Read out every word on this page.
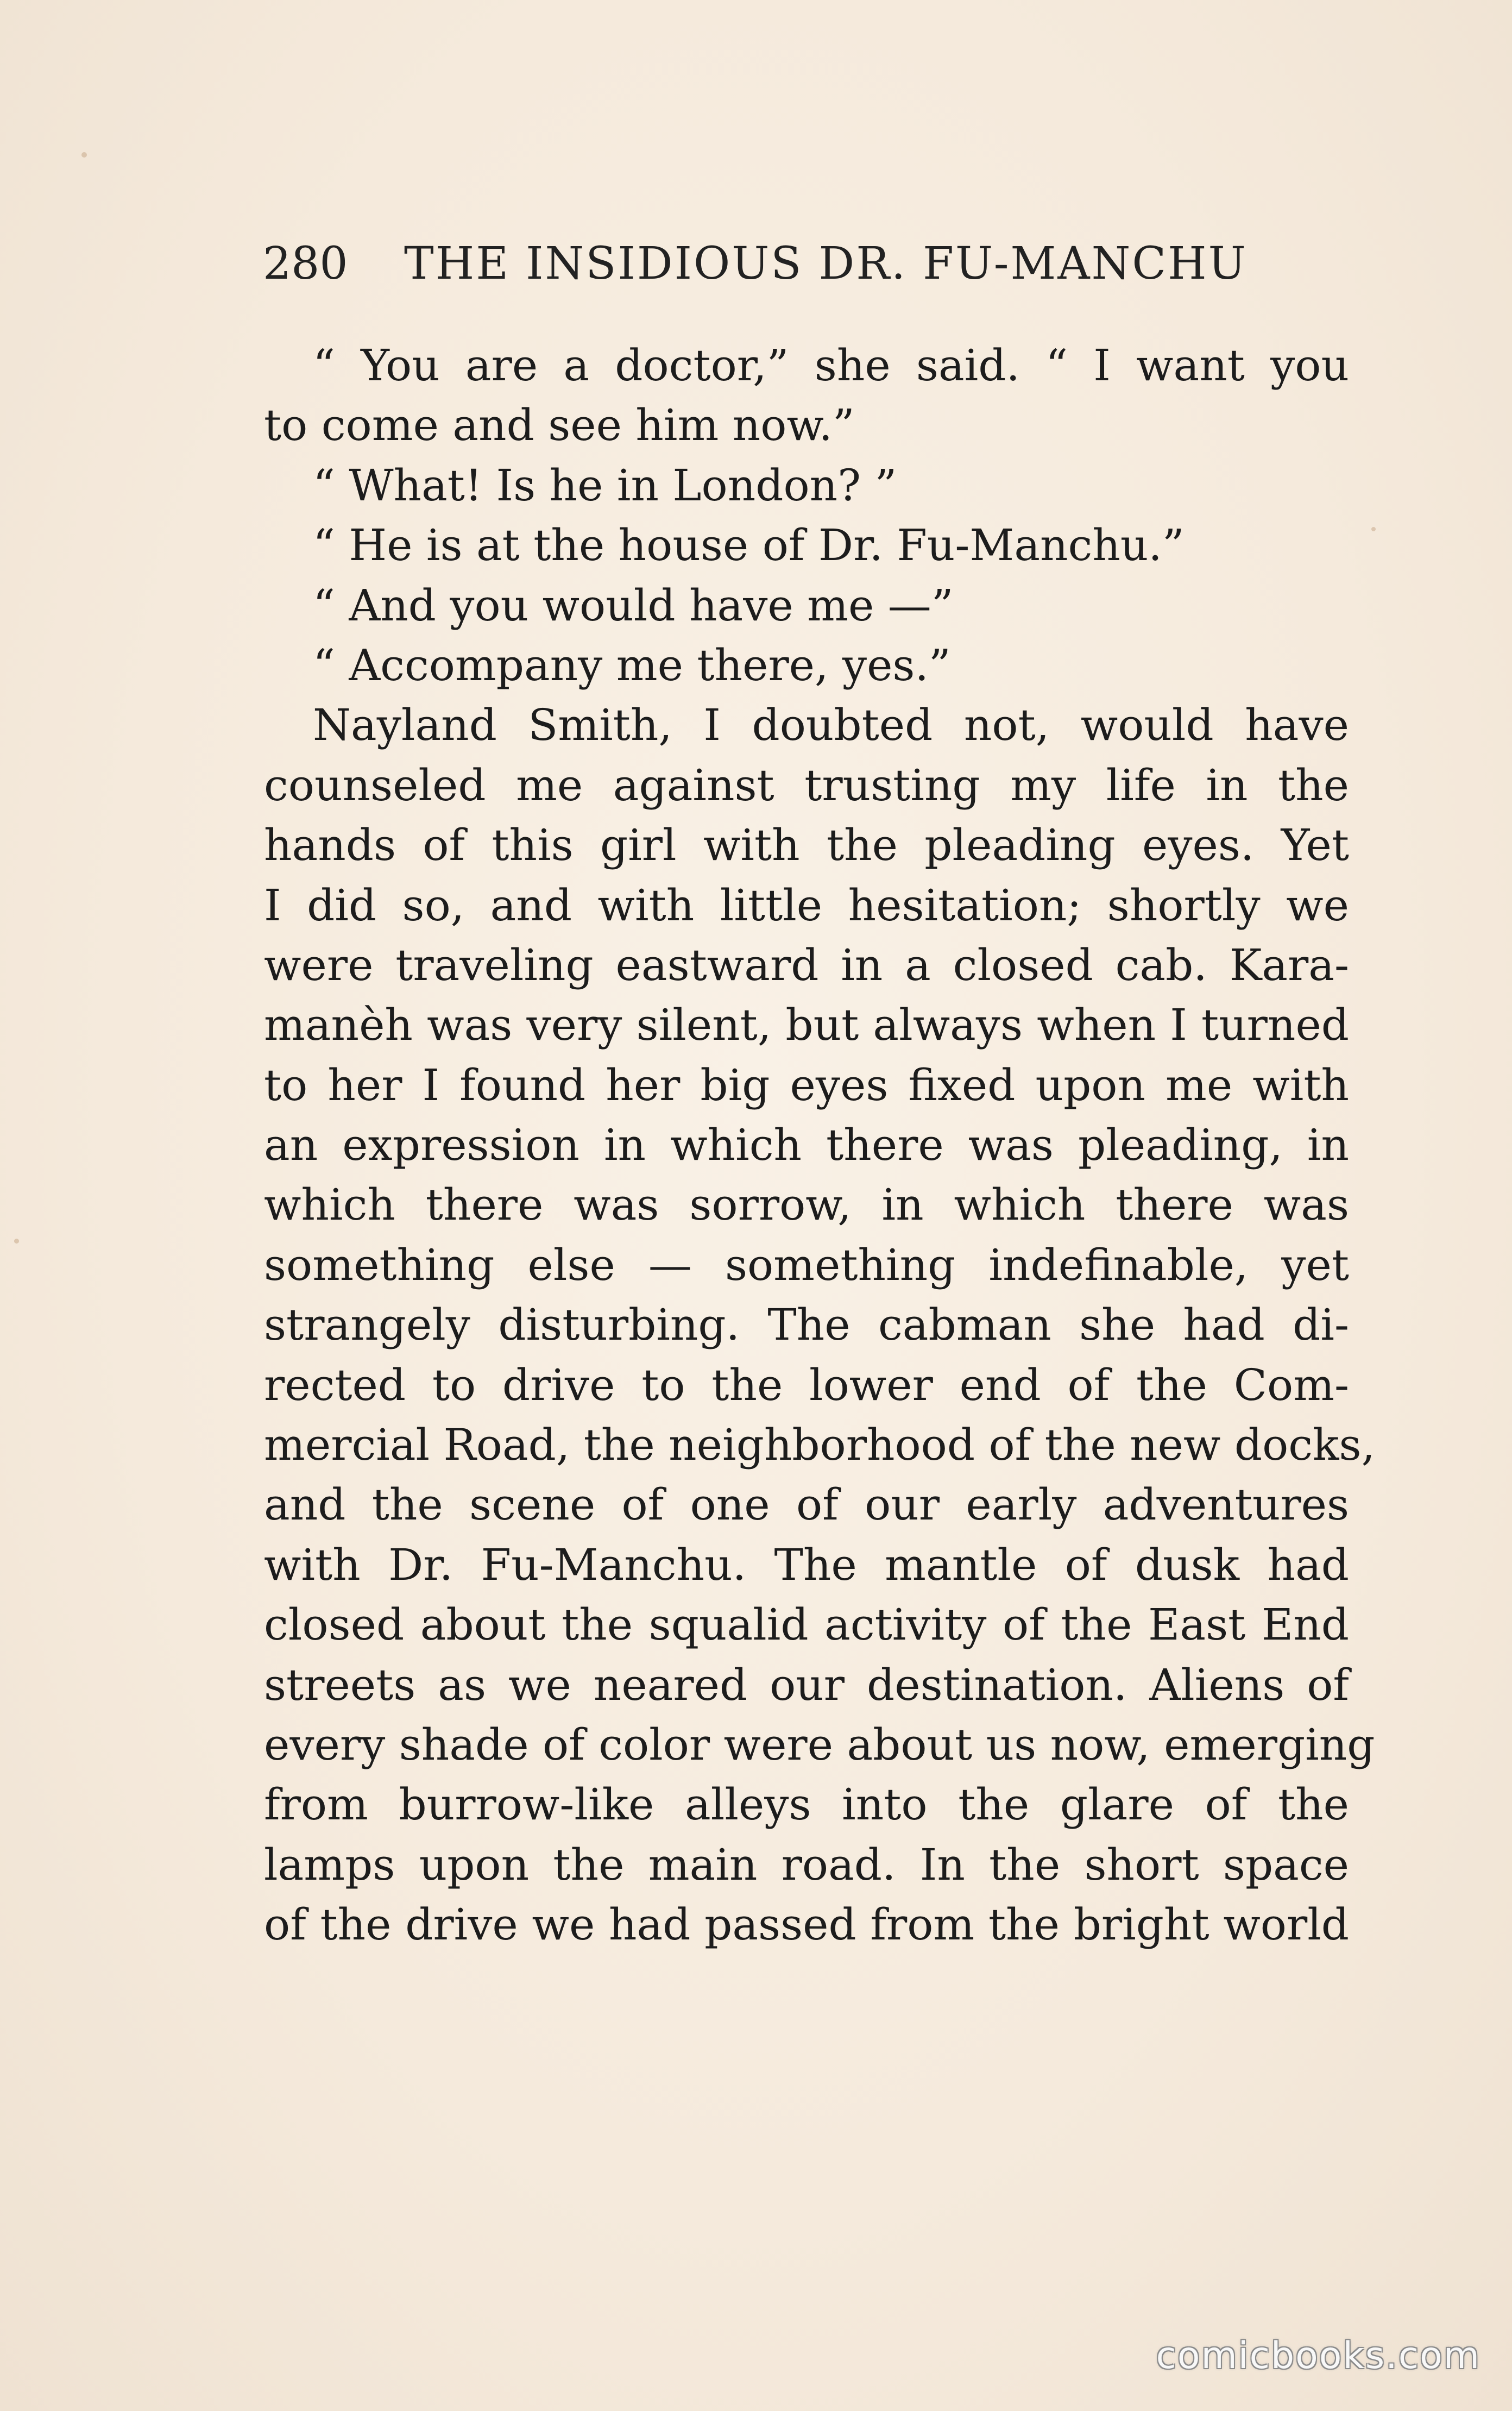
280 THE INSIDIOUS DR. FU-MANCHU
“ You are a doctor,” she said. “ I want you
to come and see him now.”
“ What! Is he in London? ”
“ He is at the house of Dr. Fu-Manchu.”
“ And you would have me —”
“ Accompany me there, yes.”
Nayland Smith, I doubted not, would have
counseled me against trusting my life in the
hands of this girl with the pleading eyes. Yet
I did so, and with little hesitation; shortly we
were traveling eastward in a closed cab. Kara-
manèh was very silent, but always when I turned
to her I found her big eyes fixed upon me with
an expression in which there was pleading, in
which there was sorrow, in which there was
something else — something indefinable, yet
strangely disturbing. The cabman she had di-
rected to drive to the lower end of the Com-
mercial Road, the neighborhood of the new docks,
and the scene of one of our early adventures
with Dr. Fu-Manchu. The mantle of dusk had
closed about the squalid activity of the East End
streets as we neared our destination. Aliens of
every shade of color were about us now, emerging
from burrow-like alleys into the glare of the
lamps upon the main road. In the short space
of the drive we had passed from the bright world
comicbooks.com
